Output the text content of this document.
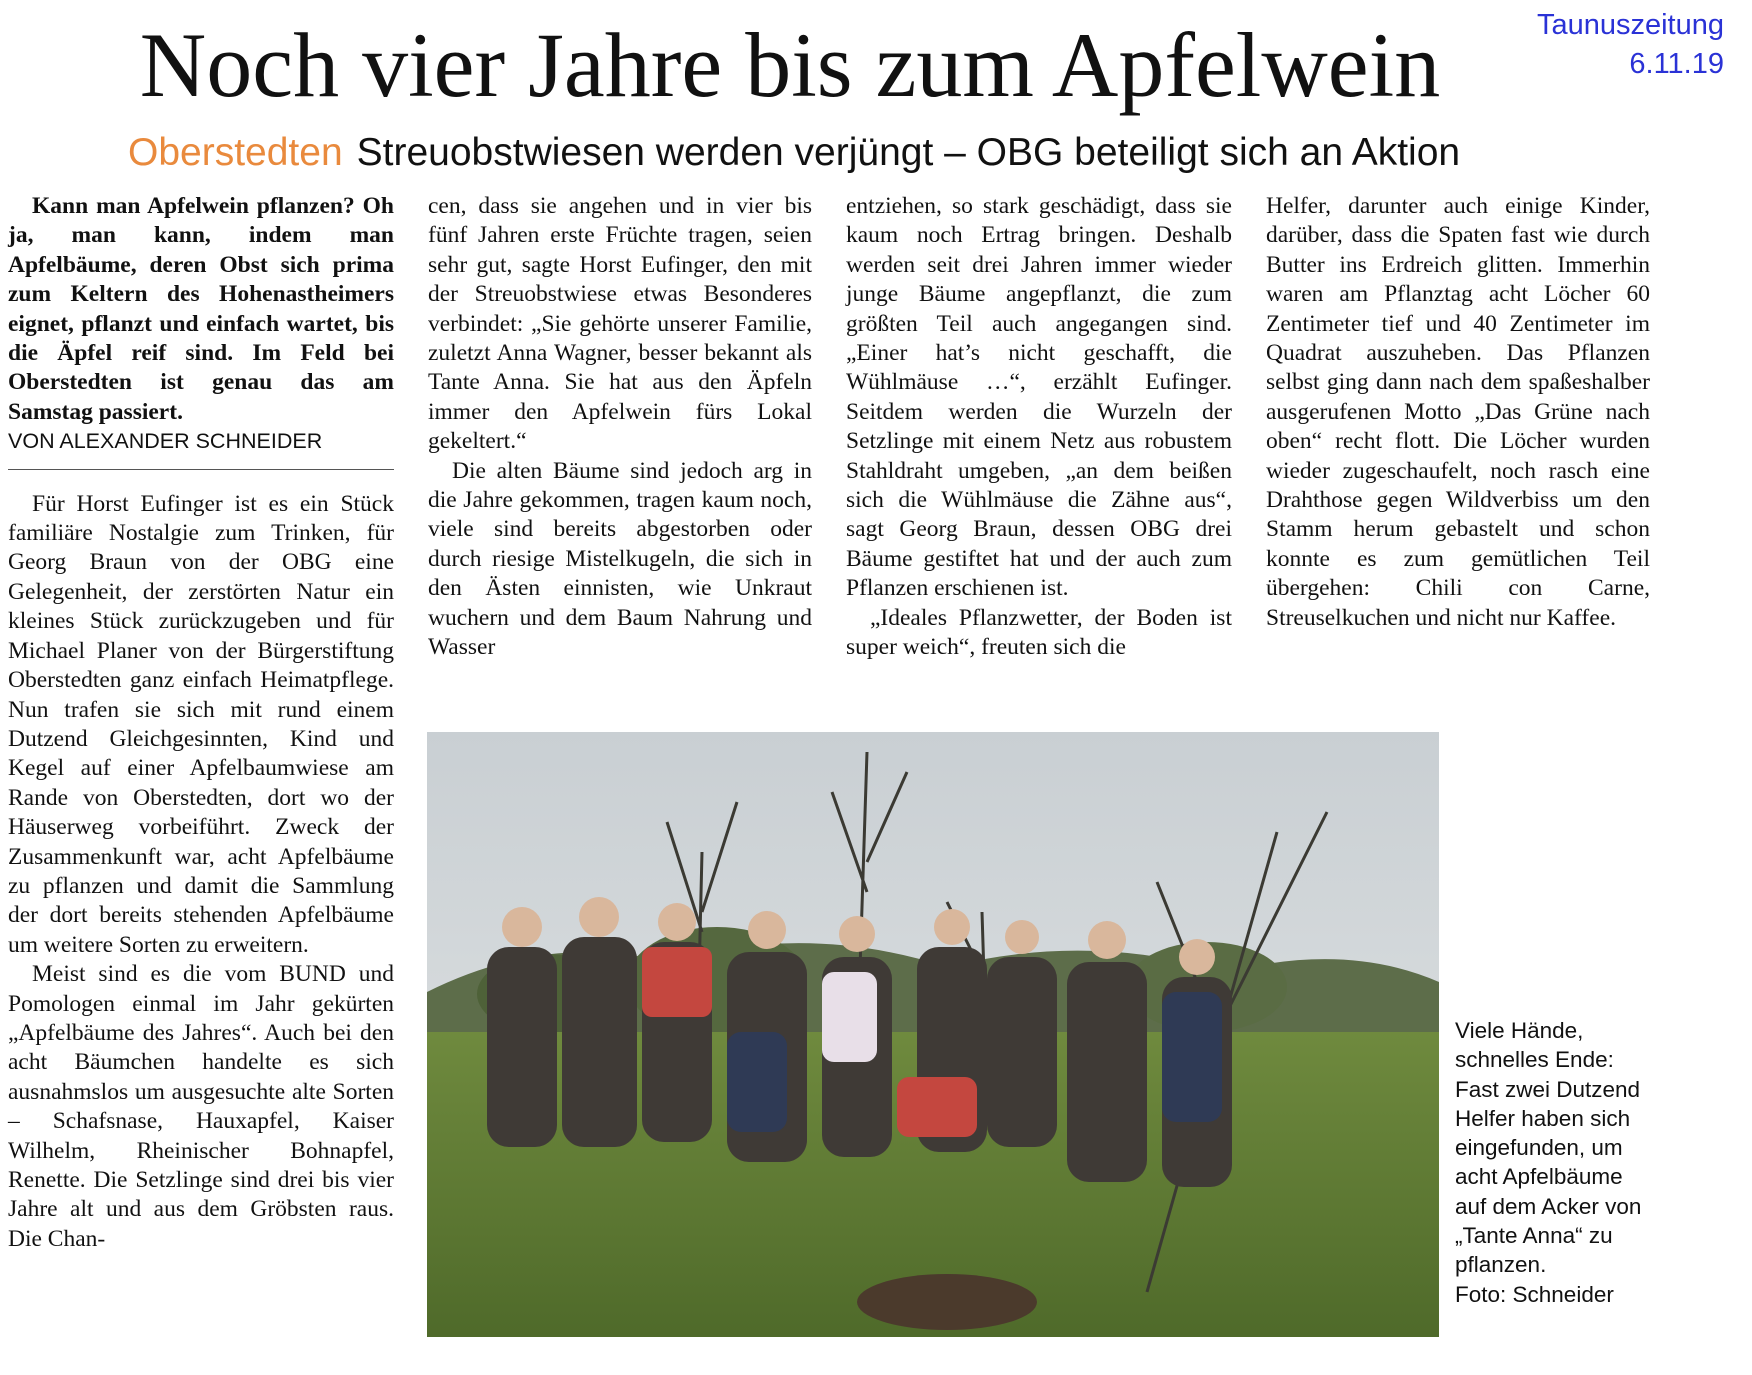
Taunuszeitung
6.11.19
Noch vier Jahre bis zum Apfelwein
Oberstedten Streuobstwiesen werden verjüngt – OBG beteiligt sich an Aktion

Kann man Apfelwein pflanzen? Oh ja, man kann, indem man Apfelbäume, deren Obst sich prima zum Keltern des Hohenastheimers eignet, pflanzt und einfach wartet, bis die Äpfel reif sind. Im Feld bei Oberstedten ist genau das am Samstag passiert.

VON ALEXANDER SCHNEIDER

Für Horst Eufinger ist es ein Stück familiäre Nostalgie zum Trinken, für Georg Braun von der OBG eine Gelegenheit, der zerstörten Natur ein kleines Stück zurückzugeben und für Michael Planer von der Bürgerstiftung Oberstedten ganz einfach Heimatpflege. Nun trafen sie sich mit rund einem Dutzend Gleichgesinnten, Kind und Kegel auf einer Apfelbaumwiese am Rande von Oberstedten, dort wo der Häuserweg vorbeiführt. Zweck der Zusammenkunft war, acht Apfelbäume zu pflanzen und damit die Sammlung der dort bereits stehenden Apfelbäume um weitere Sorten zu erweitern.

Meist sind es die vom BUND und Pomologen einmal im Jahr gekürten „Apfelbäume des Jahres“. Auch bei den acht Bäumchen handelte es sich ausnahmslos um ausgesuchte alte Sorten – Schafsnase, Hauxapfel, Kaiser Wilhelm, Rheinischer Bohnapfel, Renette. Die Setzlinge sind drei bis vier Jahre alt und aus dem Gröbsten raus. Die Chan-

cen, dass sie angehen und in vier bis fünf Jahren erste Früchte tragen, seien sehr gut, sagte Horst Eufinger, den mit der Streuobstwiese etwas Besonderes verbindet: „Sie gehörte unserer Familie, zuletzt Anna Wagner, besser bekannt als Tante Anna. Sie hat aus den Äpfeln immer den Apfelwein fürs Lokal gekeltert.“

Die alten Bäume sind jedoch arg in die Jahre gekommen, tragen kaum noch, viele sind bereits abgestorben oder durch riesige Mistelkugeln, die sich in den Ästen einnisten, wie Unkraut wuchern und dem Baum Nahrung und Wasser

entziehen, so stark geschädigt, dass sie kaum noch Ertrag bringen. Deshalb werden seit drei Jahren immer wieder junge Bäume angepflanzt, die zum größten Teil auch angegangen sind. „Einer hat’s nicht geschafft, die Wühlmäuse …“, erzählt Eufinger. Seitdem werden die Wurzeln der Setzlinge mit einem Netz aus robustem Stahldraht umgeben, „an dem beißen sich die Wühlmäuse die Zähne aus“, sagt Georg Braun, dessen OBG drei Bäume gestiftet hat und der auch zum Pflanzen erschienen ist.

„Ideales Pflanzwetter, der Boden ist super weich“, freuten sich die

Helfer, darunter auch einige Kinder, darüber, dass die Spaten fast wie durch Butter ins Erdreich glitten. Immerhin waren am Pflanztag acht Löcher 60 Zentimeter tief und 40 Zentimeter im Quadrat auszuheben. Das Pflanzen selbst ging dann nach dem spaßeshalber ausgerufenen Motto „Das Grüne nach oben“ recht flott. Die Löcher wurden wieder zugeschaufelt, noch rasch eine Drahthose gegen Wildverbiss um den Stamm herum gebastelt und schon konnte es zum gemütlichen Teil übergehen: Chili con Carne, Streuselkuchen und nicht nur Kaffee.

Viele Hände, schnelles Ende: Fast zwei Dutzend Helfer haben sich eingefunden, um acht Apfelbäume auf dem Acker von „Tante Anna“ zu pflanzen.
Foto: Schneider
